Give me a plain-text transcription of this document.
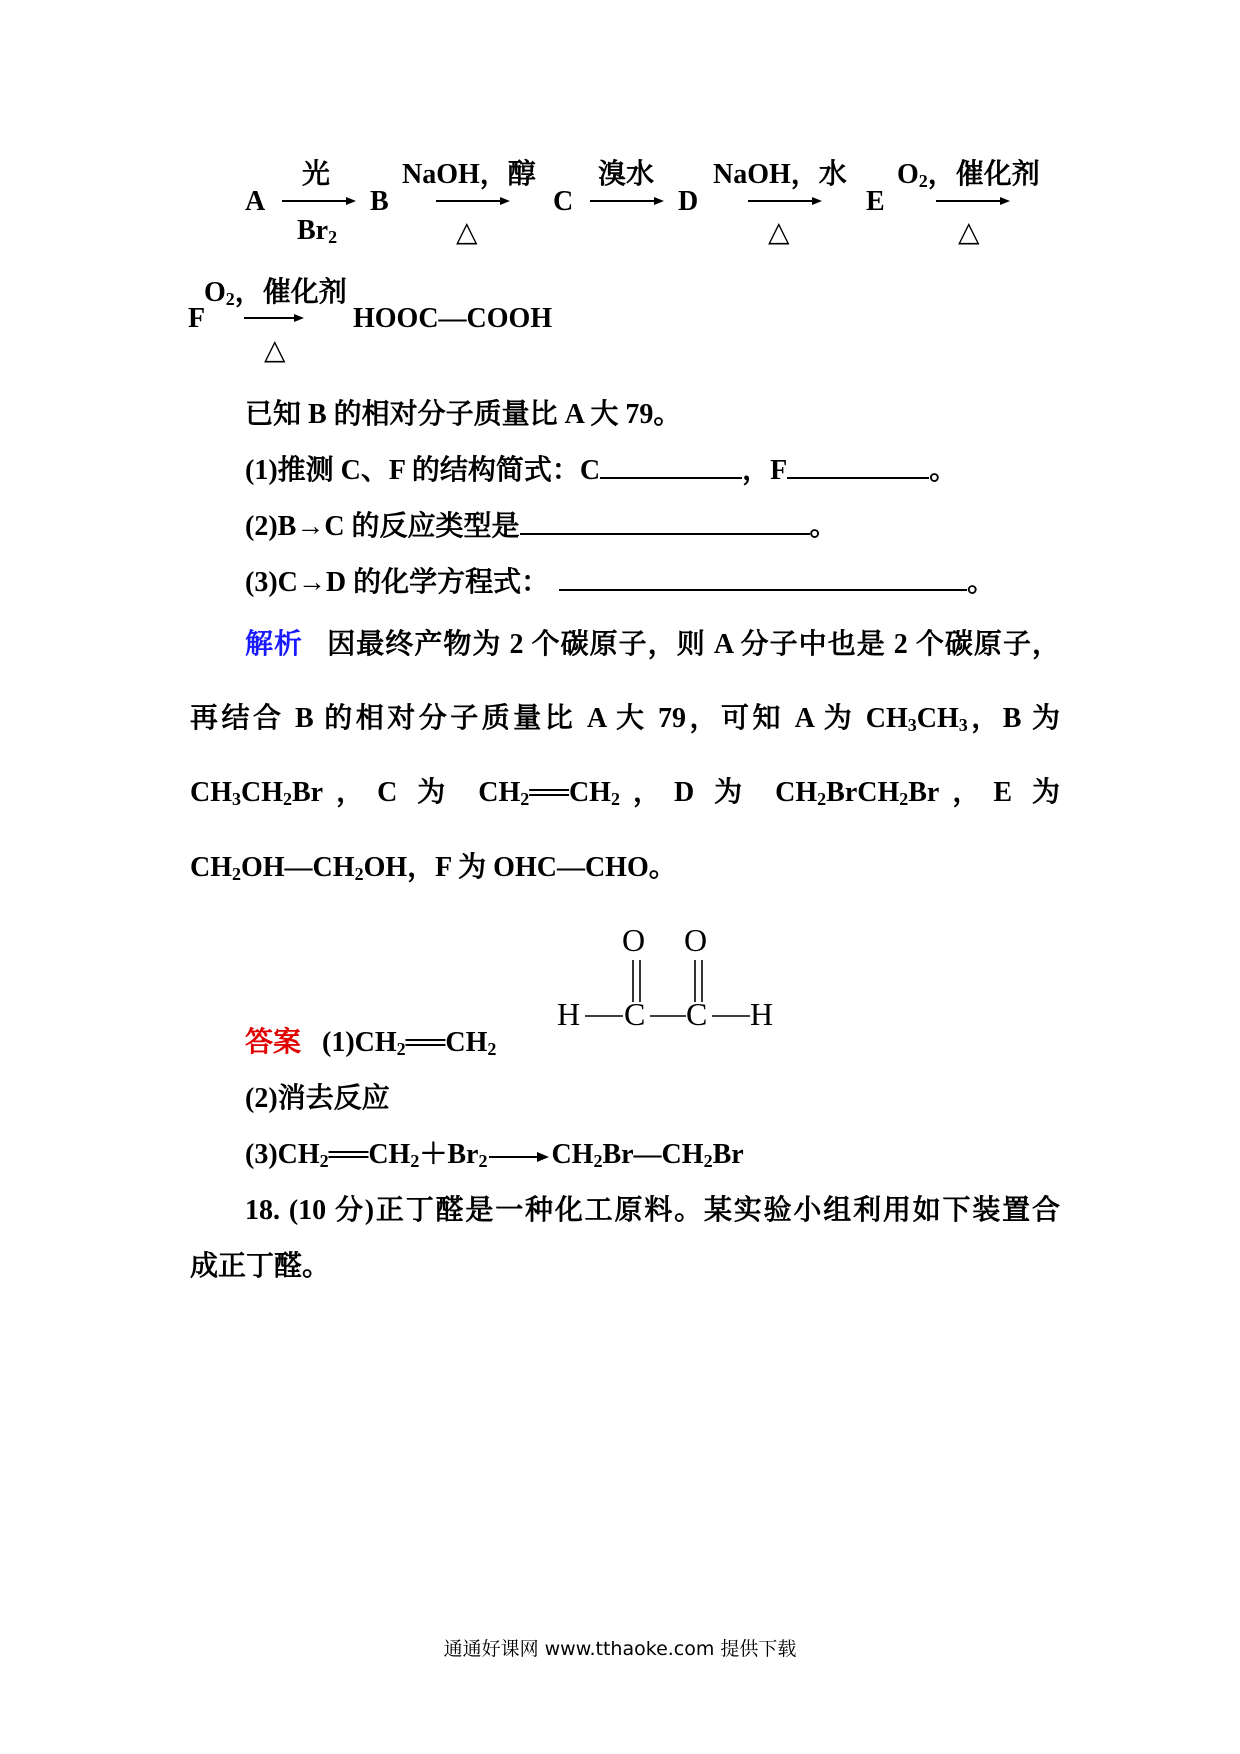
A
光
$Br_2$
B
NaOH，醇
△
C
溴水
D
NaOH，水
△
E
$O_2$，催化剂
△
$O_2$，催化剂
F
△
HOOC—COOH
已知 B 的相对分子质量比 A 大 79。
(1)推测 C、F 的结构简式：C	，F	。
(2)B→C 的反应类型是	。
(3)C→D 的化学方程式：	。
解析 因最终产物为 2 个碳原子，则 A 分子中也是 2 个碳原子，
再结合 B 的相对分子质量比 A 大 79，可知 A 为 $CH_3CH_3$，B 为
$CH_3CH_2Br$，C 为 $CH_2══CH_2$，D 为 $CH_2BrCH_2Br$，E 为
$CH_2OH—CH_2OH$，F 为 OHC—CHO。
答案 $(1)CH_2══CH_2$
O O
H C C H
(2)消去反应
$(3)CH_2══CH_2+Br_2$ → $CH_2Br—CH_2Br$
18. (10 分)正丁醛是一种化工原料。某实验小组利用如下装置合
成正丁醛。
通通好课网 www.tthaoke.com 提供下载
